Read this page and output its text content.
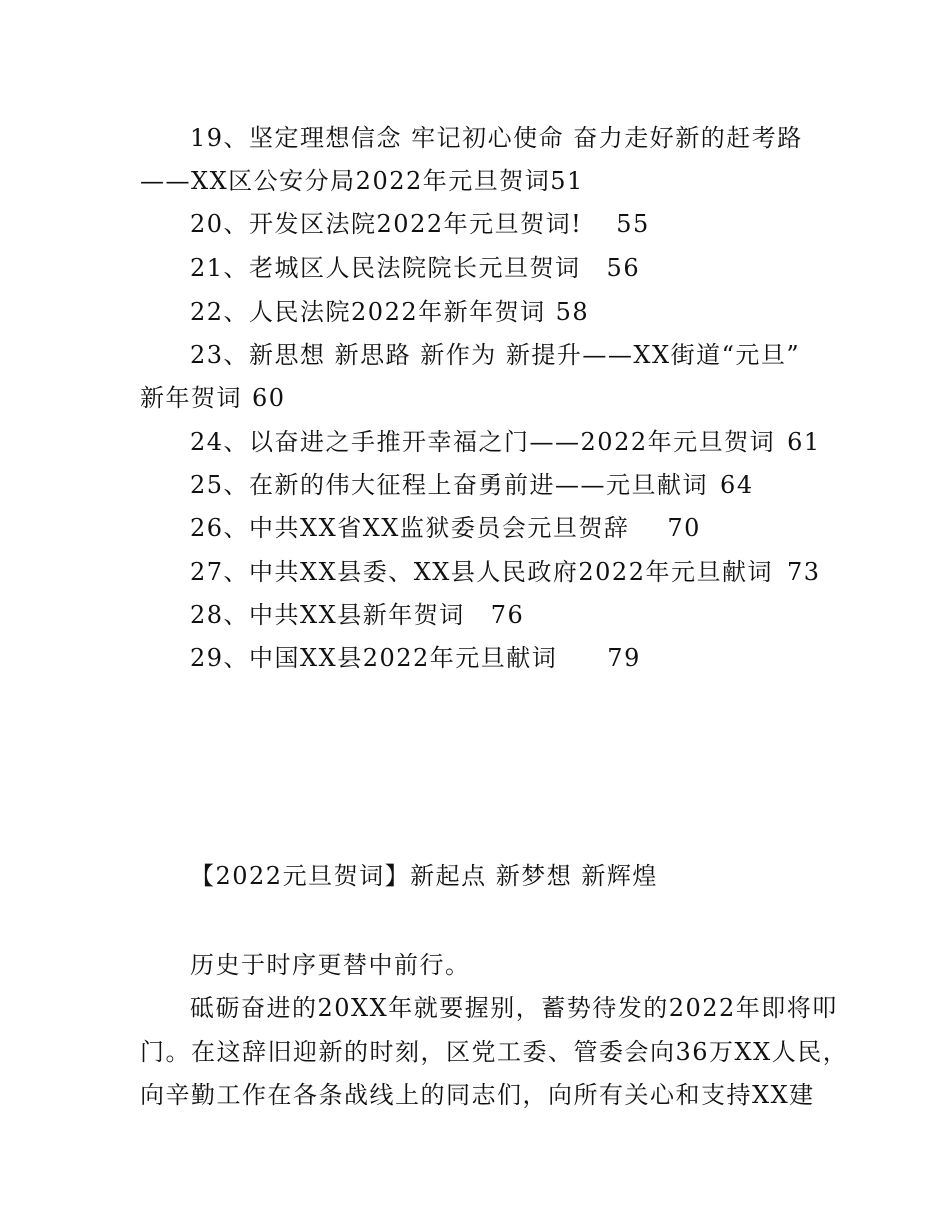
19、坚定理想信念 牢记初心使命 奋力走好新的赶考路
——XX区公安分局2022年元旦贺词51
20、开发区法院2022年元旦贺词! 55
21、老城区人民法院院长元旦贺词 56
22、人民法院2022年新年贺词 58
23、新思想 新思路 新作为 新提升——XX街道“元旦”
新年贺词 60
24、以奋进之手推开幸福之门——2022年元旦贺词 61
25、在新的伟大征程上奋勇前进——元旦献词 64
26、中共XX省XX监狱委员会元旦贺辞 70
27、中共XX县委、XX县人民政府2022年元旦献词 73
28、中共XX县新年贺词 76
29、中国XX县2022年元旦献词 79
【2022元旦贺词】新起点 新梦想 新辉煌
历史于时序更替中前行。
砥砺奋进的20XX年就要握别，蓄势待发的2022年即将叩
门。在这辞旧迎新的时刻，区党工委、管委会向36万XX人民，
向辛勤工作在各条战线上的同志们，向所有关心和支持XX建
